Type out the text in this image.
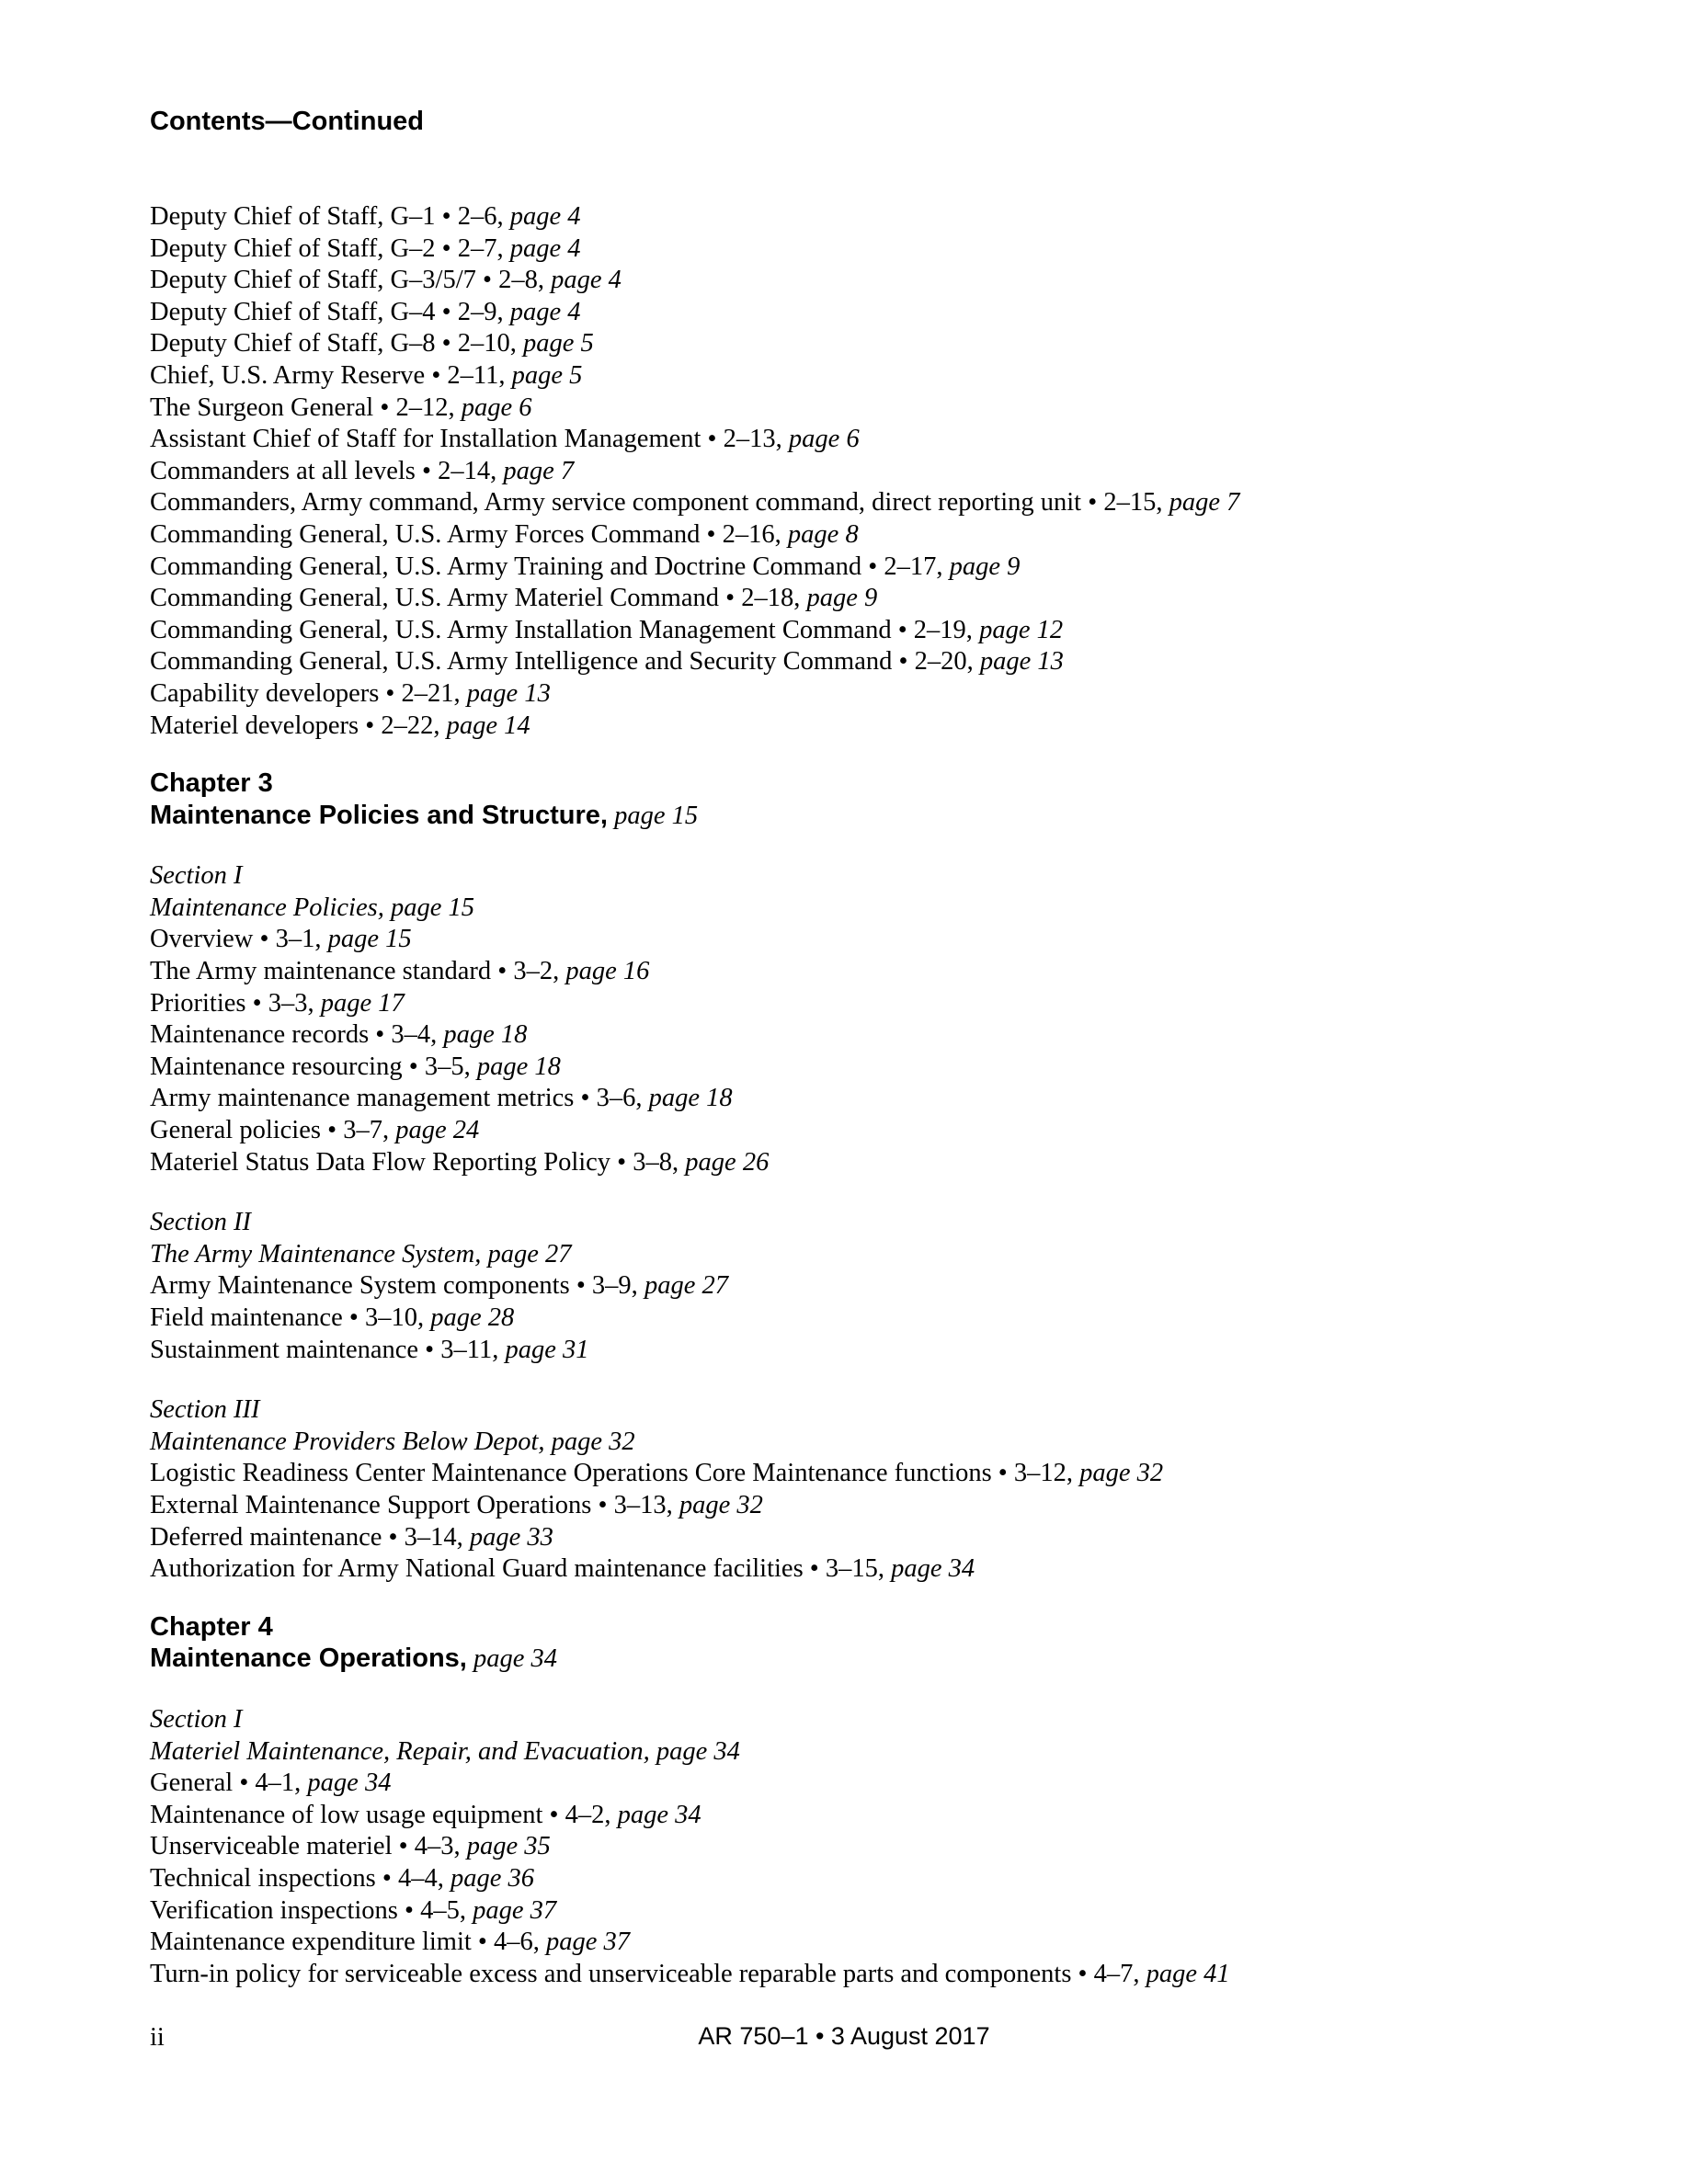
Contents—Continued
Deputy Chief of Staff, G–1 • 2–6, page 4
Deputy Chief of Staff, G–2 • 2–7, page 4
Deputy Chief of Staff, G–3/5/7 • 2–8, page 4
Deputy Chief of Staff, G–4 • 2–9, page 4
Deputy Chief of Staff, G–8 • 2–10, page 5
Chief, U.S. Army Reserve • 2–11, page 5
The Surgeon General • 2–12, page 6
Assistant Chief of Staff for Installation Management • 2–13, page 6
Commanders at all levels • 2–14, page 7
Commanders, Army command, Army service component command, direct reporting unit • 2–15, page 7
Commanding General, U.S. Army Forces Command • 2–16, page 8
Commanding General, U.S. Army Training and Doctrine Command • 2–17, page 9
Commanding General, U.S. Army Materiel Command • 2–18, page 9
Commanding General, U.S. Army Installation Management Command • 2–19, page 12
Commanding General, U.S. Army Intelligence and Security Command • 2–20, page 13
Capability developers • 2–21, page 13
Materiel developers • 2–22, page 14
Chapter 3
Maintenance Policies and Structure, page 15
Section I
Maintenance Policies, page 15
Overview • 3–1, page 15
The Army maintenance standard • 3–2, page 16
Priorities • 3–3, page 17
Maintenance records • 3–4, page 18
Maintenance resourcing • 3–5, page 18
Army maintenance management metrics • 3–6, page 18
General policies • 3–7, page 24
Materiel Status Data Flow Reporting Policy • 3–8, page 26
Section II
The Army Maintenance System, page 27
Army Maintenance System components • 3–9, page 27
Field maintenance • 3–10, page 28
Sustainment maintenance • 3–11, page 31
Section III
Maintenance Providers Below Depot, page 32
Logistic Readiness Center Maintenance Operations Core Maintenance functions • 3–12, page 32
External Maintenance Support Operations • 3–13, page 32
Deferred maintenance • 3–14, page 33
Authorization for Army National Guard maintenance facilities • 3–15, page 34
Chapter 4
Maintenance Operations, page 34
Section I
Materiel Maintenance, Repair, and Evacuation, page 34
General • 4–1, page 34
Maintenance of low usage equipment • 4–2, page 34
Unserviceable materiel • 4–3, page 35
Technical inspections • 4–4, page 36
Verification inspections • 4–5, page 37
Maintenance expenditure limit • 4–6, page 37
Turn-in policy for serviceable excess and unserviceable reparable parts and components • 4–7, page 41
ii	AR 750–1 • 3 August 2017
